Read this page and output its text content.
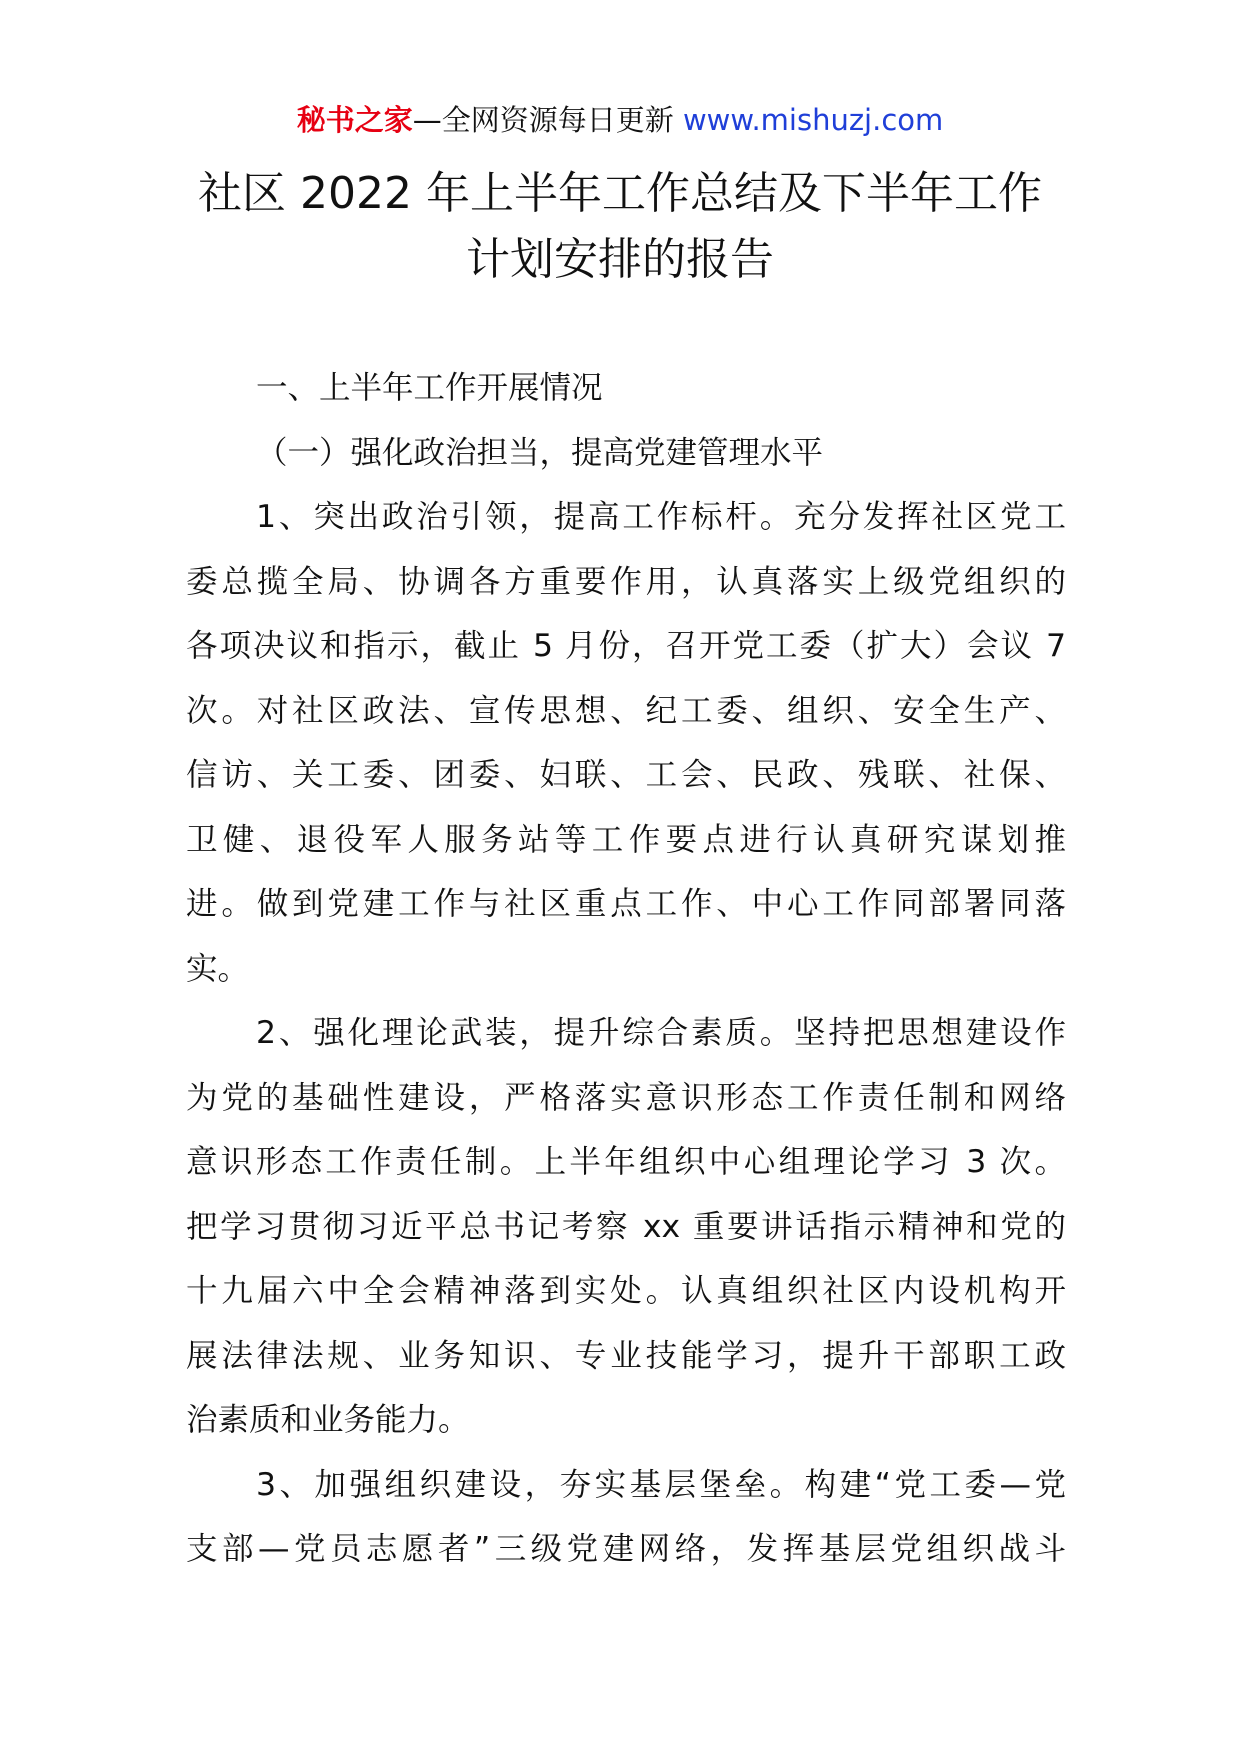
秘书之家—全网资源每日更新 www.mishuzj.com
社区 2022 年上半年工作总结及下半年工作
计划安排的报告
一、上半年工作开展情况
（一）强化政治担当，提高党建管理水平
1、突出政治引领，提高工作标杆。充分发挥社区党工
委总揽全局、协调各方重要作用，认真落实上级党组织的
各项决议和指示，截止 5 月份，召开党工委（扩大）会议 7
次。对社区政法、宣传思想、纪工委、组织、安全生产、
信访、关工委、团委、妇联、工会、民政、残联、社保、
卫健、退役军人服务站等工作要点进行认真研究谋划推
进。做到党建工作与社区重点工作、中心工作同部署同落
实。
2、强化理论武装，提升综合素质。坚持把思想建设作
为党的基础性建设，严格落实意识形态工作责任制和网络
意识形态工作责任制。上半年组织中心组理论学习 3 次。
把学习贯彻习近平总书记考察 xx 重要讲话指示精神和党的
十九届六中全会精神落到实处。认真组织社区内设机构开
展法律法规、业务知识、专业技能学习，提升干部职工政
治素质和业务能力。
3、加强组织建设，夯实基层堡垒。构建“党工委—党
支部—党员志愿者”三级党建网络，发挥基层党组织战斗
